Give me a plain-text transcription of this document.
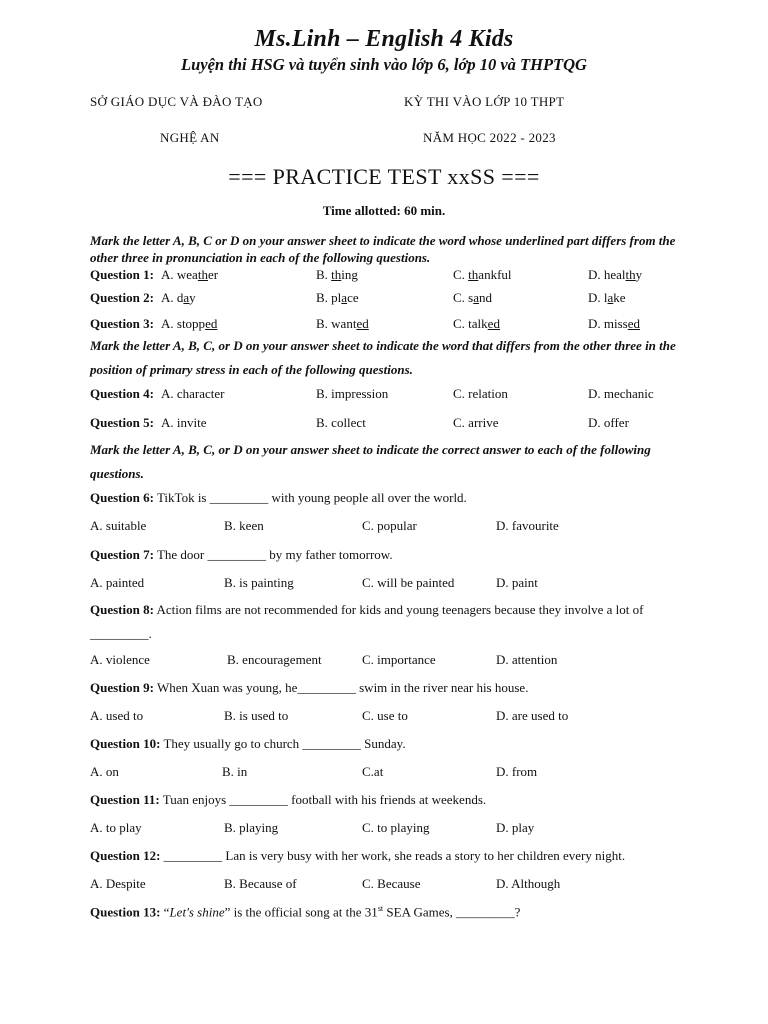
Ms.Linh – English 4 Kids
Luyện thi HSG và tuyển sinh vào lớp 6, lớp 10 và THPTQG
SỞ GIÁO DỤC VÀ ĐÀO TẠO
NGHỆ AN
KỲ THI VÀO LỚP 10 THPT
NĂM HỌC 2022 - 2023
=== PRACTICE TEST xxSS ===
Time allotted: 60 min.
Mark the letter A, B, C or D on your answer sheet to indicate the word whose underlined part differs from the other three in pronunciation in each of the following questions.
Question 1: A. weather	B. thing	C. thankful	D. healthy
Question 2: A. day	B. place	C. sand	D. lake
Question 3: A. stopped	B. wanted	C. talked	D. missed
Mark the letter A, B, C, or D on your answer sheet to indicate the word that differs from the other three in the position of primary stress in each of the following questions.
Question 4: A. character	B. impression	C. relation	D. mechanic
Question 5: A. invite	B. collect	C. arrive	D. offer
Mark the letter A, B, C, or D on your answer sheet to indicate the correct answer to each of the following questions.
Question 6: TikTok is _________ with young people all over the world.
A. suitable	B. keen	C. popular	D. favourite
Question 7: The door _________ by my father tomorrow.
A. painted	B. is painting	C. will be painted	D. paint
Question 8: Action films are not recommended for kids and young teenagers because they involve a lot of _________.
A. violence	B. encouragement	C. importance	D. attention
Question 9: When Xuan was young, he_________ swim in the river near his house.
A. used to	B. is used to	C. use to	D. are used to
Question 10: They usually go to church _________ Sunday.
A. on	B. in	C.at	D. from
Question 11: Tuan enjoys _________ football with his friends at weekends.
A. to play	B. playing	C. to playing	D. play
Question 12: _________ Lan is very busy with her work, she reads a story to her children every night.
A. Despite	B. Because of	C. Because	D. Although
Question 13: “Let's shine” is the official song at the 31st SEA Games, _________?
